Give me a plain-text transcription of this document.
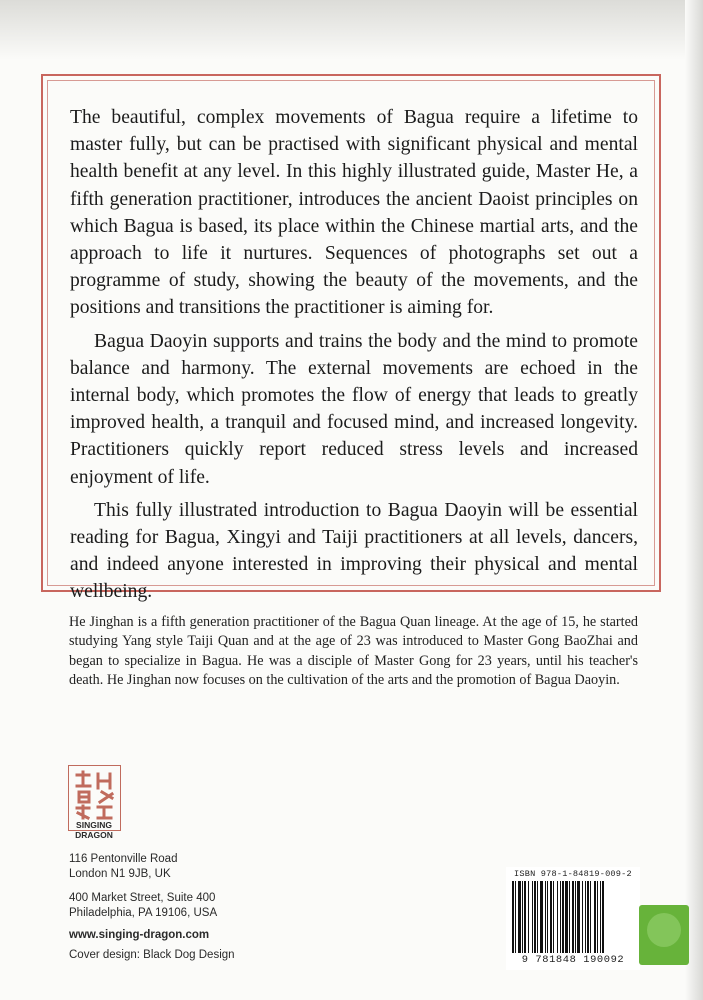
The beautiful, complex movements of Bagua require a lifetime to master fully, but can be practised with significant physical and mental health benefit at any level. In this highly illustrated guide, Master He, a fifth generation practitioner, introduces the ancient Daoist principles on which Bagua is based, its place within the Chinese martial arts, and the approach to life it nurtures. Sequences of photographs set out a programme of study, showing the beauty of the movements, and the positions and transitions the practitioner is aiming for.

Bagua Daoyin supports and trains the body and the mind to promote balance and harmony. The external movements are echoed in the internal body, which promotes the flow of energy that leads to greatly improved health, a tranquil and focused mind, and increased longevity. Practitioners quickly report reduced stress levels and increased enjoyment of life.

This fully illustrated introduction to Bagua Daoyin will be essential reading for Bagua, Xingyi and Taiji practitioners at all levels, dancers, and indeed anyone interested in improving their physical and mental wellbeing.

He Jinghan is a fifth generation practitioner of the Bagua Quan lineage. At the age of 15, he started studying Yang style Taiji Quan and at the age of 23 was introduced to Master Gong BaoZhai and began to specialize in Bagua. He was a disciple of Master Gong for 23 years, until his teacher's death. He Jinghan now focuses on the cultivation of the arts and the promotion of Bagua Daoyin.
SINGING
DRAGON
116 Pentonville Road
London N1 9JB, UK
400 Market Street, Suite 400
Philadelphia, PA 19106, USA
www.singing-dragon.com
Cover design: Black Dog Design
ISBN 978-1-84819-009-2
9 781848 190092
